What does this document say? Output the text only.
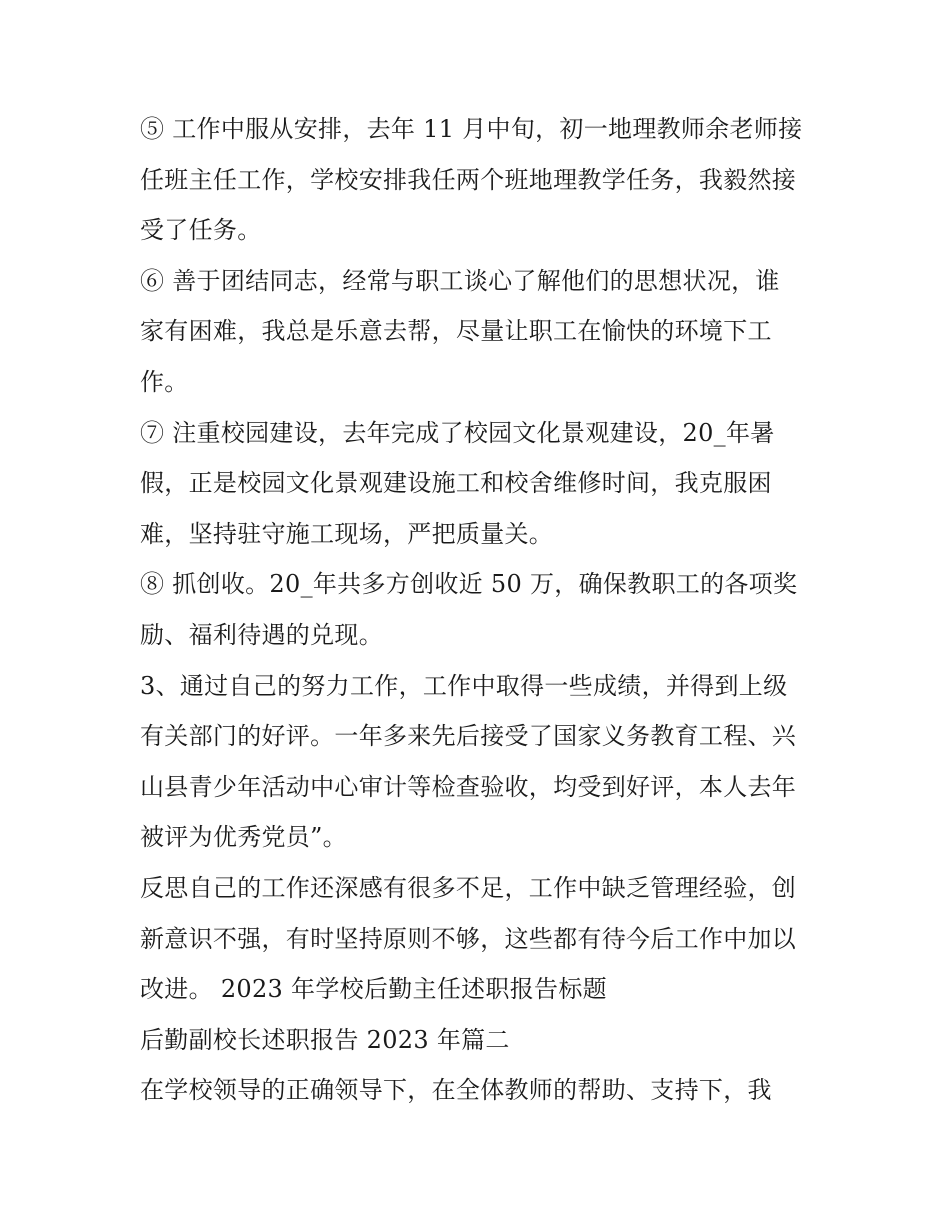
⑤ 工作中服从安排，去年 11 月中旬，初一地理教师余老师接
任班主任工作，学校安排我任两个班地理教学任务，我毅然接
受了任务。
⑥ 善于团结同志，经常与职工谈心了解他们的思想状况，谁
家有困难，我总是乐意去帮，尽量让职工在愉快的环境下工
作。
⑦ 注重校园建设，去年完成了校园文化景观建设，20_年暑
假，正是校园文化景观建设施工和校舍维修时间，我克服困
难，坚持驻守施工现场，严把质量关。
⑧ 抓创收。20_年共多方创收近 50 万，确保教职工的各项奖
励、福利待遇的兑现。
3、通过自己的努力工作，工作中取得一些成绩，并得到上级
有关部门的好评。一年多来先后接受了国家义务教育工程、兴
山县青少年活动中心审计等检查验收，均受到好评，本人去年
被评为优秀党员”。
反思自己的工作还深感有很多不足，工作中缺乏管理经验，创
新意识不强，有时坚持原则不够，这些都有待今后工作中加以
改进。 2023 年学校后勤主任述职报告标题
后勤副校长述职报告 2023 年篇二
在学校领导的正确领导下，在全体教师的帮助、支持下，我
